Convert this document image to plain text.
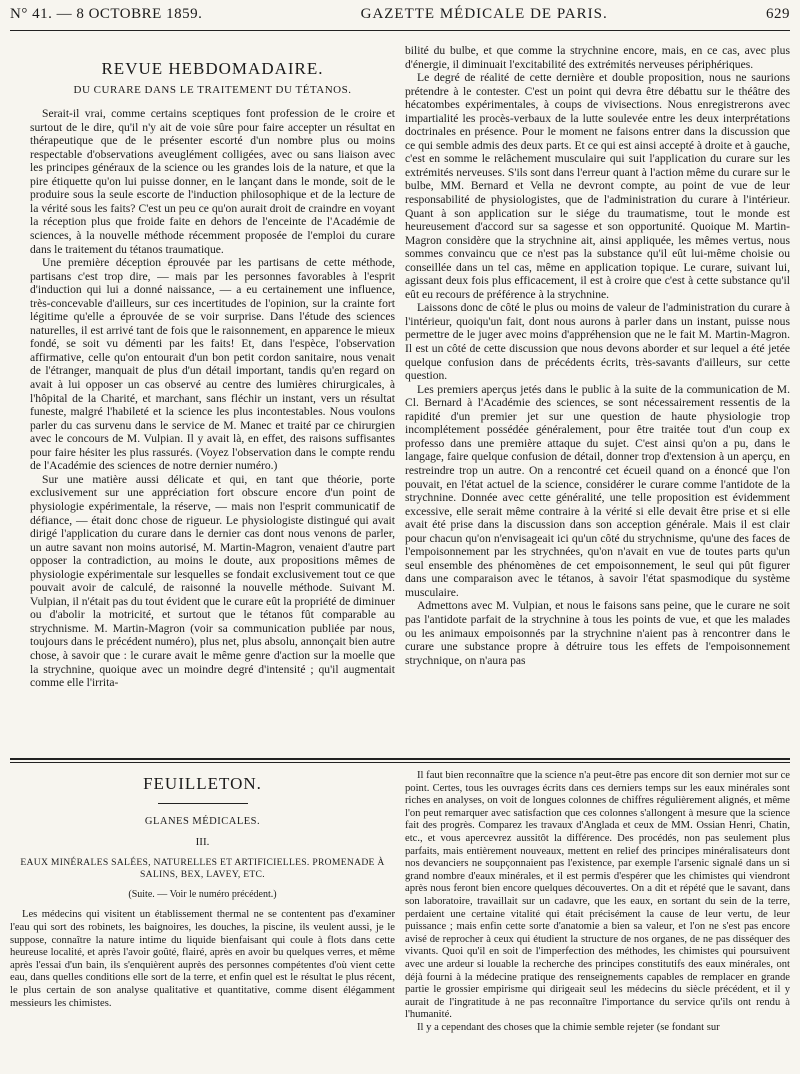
N° 41. — 8 OCTOBRE 1859.	GAZETTE MÉDICALE DE PARIS.	629
REVUE HEBDOMADAIRE.
DU CURARE DANS LE TRAITEMENT DU TÉTANOS.

Serait-il vrai, comme certains sceptiques font profession de le croire et surtout de le dire, qu'il n'y ait de voie sûre pour faire accepter un résultat en thérapeutique que de le présenter escorté d'un nombre plus ou moins respectable d'observations aveuglément colligées, avec ou sans liaison avec les principes généraux de la science ou les grandes lois de la nature, et que la pire étiquette qu'on lui puisse donner, en le lançant dans le monde, soit de le produire sous la seule escorte de l'induction philosophique et de la lecture de la vérité sous les faits? C'est un peu ce qu'on aurait droit de craindre en voyant la réception plus que froide faite en dehors de l'enceinte de l'Académie de sciences, à la nouvelle méthode récemment proposée de l'emploi du curare dans le traitement du tétanos traumatique.

Une première déception éprouvée par les partisans de cette méthode, partisans c'est trop dire, — mais par les personnes favorables à l'esprit d'induction qui lui a donné naissance, — a eu certainement une influence, très-concevable d'ailleurs, sur ces incertitudes de l'opinion, sur la crainte fort légitime qu'elle a éprouvée de se voir surprise. Dans l'étude des sciences naturelles, il est arrivé tant de fois que le raisonnement, en apparence le mieux fondé, se soit vu démenti par les faits! Et, dans l'espèce, l'observation affirmative, celle qu'on entourait d'un bon petit cordon sanitaire, nous venait de l'étranger, manquait de plus d'un détail important, tandis qu'en regard on avait à lui opposer un cas observé au centre des lumières chirurgicales, à l'hôpital de la Charité, et marchant, sans fléchir un instant, vers un résultat funeste, malgré l'habileté et la science les plus incontestables. Nous voulons parler du cas survenu dans le service de M. Manec et traité par ce chirurgien avec le concours de M. Vulpian. Il y avait là, en effet, des raisons suffisantes pour faire hésiter les plus rassurés. (Voyez l'observation dans le compte rendu de l'Académie des sciences de notre dernier numéro.)

Sur une matière aussi délicate et qui, en tant que théorie, porte exclusivement sur une appréciation fort obscure encore d'un point de physiologie expérimentale, la réserve, — mais non l'esprit communicatif de défiance, — était donc chose de rigueur. Le physiologiste distingué qui avait dirigé l'application du curare dans le dernier cas dont nous venons de parler, un autre savant non moins autorisé, M. Martin-Magron, venaient d'autre part opposer la contradiction, au moins le doute, aux propositions mêmes de physiologie expérimentale sur lesquelles se fondait exclusivement tout ce que pouvait avoir de calculé, de raisonné la nouvelle méthode. Suivant M. Vulpian, il n'était pas du tout évident que le curare eût la propriété de diminuer ou d'abolir la motricité, et surtout que le tétanos fût comparable au strychnisme. M. Martin-Magron (voir sa communication publiée par nous, toujours dans le précédent numéro), plus net, plus absolu, annonçait bien autre chose, à savoir que : le curare avait le même genre d'action sur la moelle que la strychnine, quoique avec un moindre degré d'intensité ; qu'il augmentait comme elle l'irrita-

bilité du bulbe, et que comme la strychnine encore, mais, en ce cas, avec plus d'énergie, il diminuait l'excitabilité des extrémités nerveuses périphériques.

Le degré de réalité de cette dernière et double proposition, nous ne saurions prétendre à le contester. C'est un point qui devra être débattu sur le théâtre des hécatombes expérimentales, à coups de vivisections. Nous enregistrerons avec impartialité les procès-verbaux de la lutte soulevée entre les deux interprétations doctrinales en présence. Pour le moment ne faisons entrer dans la discussion que ce qui semble admis des deux parts. Et ce qui est ainsi accepté à droite et à gauche, c'est en somme le relâchement musculaire qui suit l'application du curare sur les extrémités nerveuses. S'ils sont dans l'erreur quant à l'action même du curare sur le bulbe, MM. Bernard et Vella ne devront compte, au point de vue de leur responsabilité de physiologistes, que de l'administration du curare à l'intérieur. Quant à son application sur le siége du traumatisme, tout le monde est heureusement d'accord sur sa sagesse et son opportunité. Quoique M. Martin-Magron considère que la strychnine ait, ainsi appliquée, les mêmes vertus, nous sommes convaincu que ce n'est pas la substance qu'il eût lui-même choisie ou conseillée dans un tel cas, même en application topique. Le curare, suivant lui, agissant deux fois plus efficacement, il est à croire que c'est à cette substance qu'il eût eu recours de préférence à la strychnine.

Laissons donc de côté le plus ou moins de valeur de l'administration du curare à l'intérieur, quoiqu'un fait, dont nous aurons à parler dans un instant, puisse nous permettre de le juger avec moins d'appréhension que ne le fait M. Martin-Magron. Il est un côté de cette discussion que nous devons aborder et sur lequel a été jetée quelque confusion dans de précédents écrits, très-savants d'ailleurs, sur cette question.

Les premiers aperçus jetés dans le public à la suite de la communication de M. Cl. Bernard à l'Académie des sciences, se sont nécessairement ressentis de la rapidité d'un premier jet sur une question de haute physiologie trop incomplétement possédée généralement, pour être traitée tout d'un coup ex professo dans une première attaque du sujet. C'est ainsi qu'on a pu, dans le langage, faire quelque confusion de détail, donner trop d'extension à un aperçu, en restreindre trop un autre. On a rencontré cet écueil quand on a énoncé que l'on pouvait, en l'état actuel de la science, considérer le curare comme l'antidote de la strychnine. Donnée avec cette généralité, une telle proposition est évidemment excessive, elle serait même contraire à la vérité si elle devait être prise et si elle avait été prise dans la discussion dans son acception générale. Mais il est clair pour chacun qu'on n'envisageait ici qu'un côté du strychnisme, qu'une des faces de l'empoisonnement par les strychnées, qu'on n'avait en vue de toutes parts qu'un seul ensemble des phénomènes de cet empoisonnement, le seul qui pût figurer dans une comparaison avec le tétanos, à savoir l'état spasmodique du système musculaire.

Admettons avec M. Vulpian, et nous le faisons sans peine, que le curare ne soit pas l'antidote parfait de la strychnine à tous les points de vue, et que les malades ou les animaux empoisonnés par la strychnine n'aient pas à rencontrer dans le curare une substance propre à détruire tous les effets de l'empoisonnement strychnique, on n'aura pas

FEUILLETON.
GLANES MÉDICALES.
III.
EAUX MINÉRALES SALÉES, NATURELLES ET ARTIFICIELLES. PROMENADE À SALINS, BEX, LAVEY, ETC.
(Suite. — Voir le numéro précédent.)

Les médecins qui visitent un établissement thermal ne se contentent pas d'examiner l'eau qui sort des robinets, les baignoires, les douches, la piscine, ils veulent aussi, je le suppose, connaître la nature intime du liquide bienfaisant qui coule à flots dans cette heureuse localité, et après l'avoir goûté, flairé, après en avoir bu quelques verres, et même après l'essai d'un bain, ils s'enquièrent auprès des personnes compétentes d'où vient cette eau, dans quelles conditions elle sort de la terre, et enfin quel est le résultat le plus récent, le plus certain de son analyse qualitative et quantitative, comme disent élégamment messieurs les chimistes.

Il faut bien reconnaître que la science n'a peut-être pas encore dit son dernier mot sur ce point. Certes, tous les ouvrages écrits dans ces derniers temps sur les eaux minérales sont riches en analyses, on voit de longues colonnes de chiffres régulièrement alignés, et même l'on peut remarquer avec satisfaction que ces colonnes s'allongent à mesure que la science fait des progrès. Comparez les travaux d'Anglada et ceux de MM. Ossian Henri, Chatin, etc., et vous apercevrez aussitôt la différence. Des procédés, non pas seulement plus parfaits, mais entièrement nouveaux, mettent en relief des principes minéralisateurs dont nos devanciers ne soupçonnaient pas l'existence, par exemple l'arsenic signalé dans un si grand nombre d'eaux minérales, et il est permis d'espérer que les chimistes qui viendront après nous feront bien encore quelques découvertes. On a dit et répété que le savant, dans son laboratoire, travaillait sur un cadavre, que les eaux, en sortant du sein de la terre, perdaient une certaine vitalité qui était précisément la cause de leur vertu, de leur puissance ; mais enfin cette sorte d'anatomie a bien sa valeur, et l'on ne s'est pas encore avisé de reprocher à ceux qui étudient la structure de nos organes, de ne pas disséquer des vivants. Quoi qu'il en soit de l'imperfection des méthodes, les chimistes qui poursuivent avec une ardeur si louable la recherche des principes constitutifs des eaux minérales, ont déjà fourni à la médecine pratique des renseignements capables de remplacer en grande partie le grossier empirisme qui dirigeait seul les médecins du siècle précédent, et il y aurait de l'ingratitude à ne pas reconnaître l'importance du service qu'ils ont rendu à l'humanité.

Il y a cependant des choses que la chimie semble rejeter (se fondant sur
